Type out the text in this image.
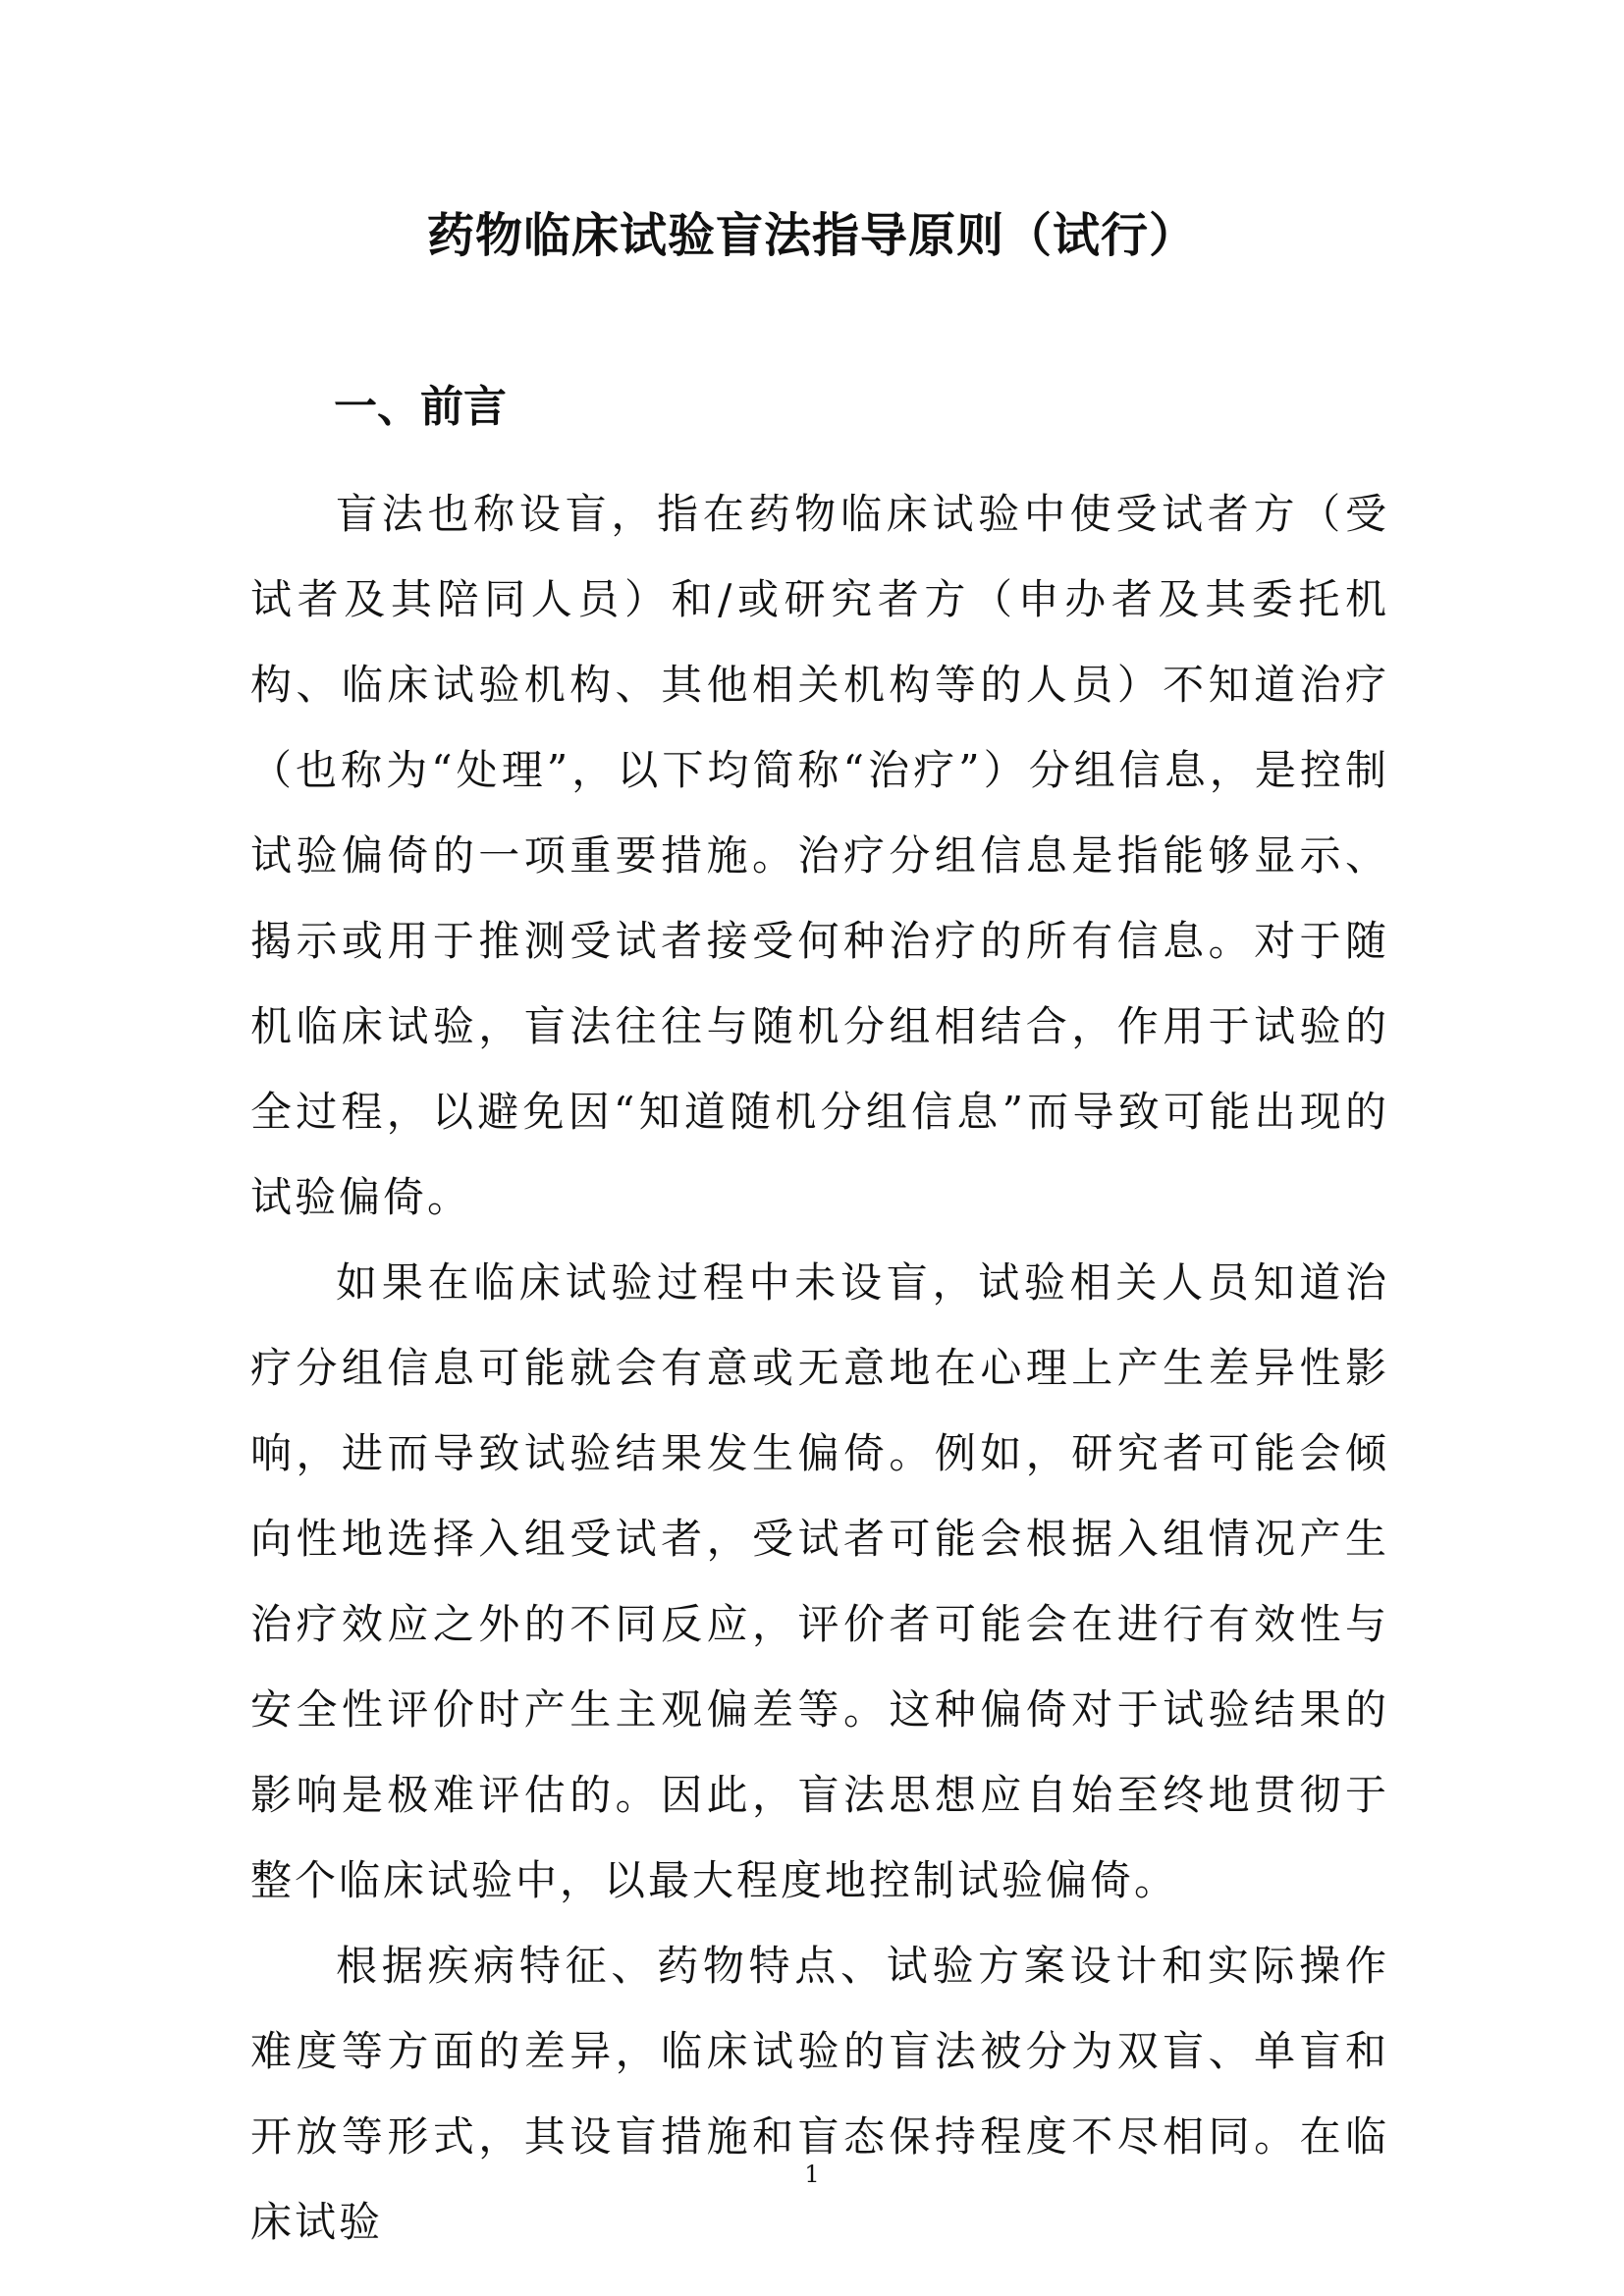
药物临床试验盲法指导原则（试行）
一、前言

盲法也称设盲，指在药物临床试验中使受试者方（受试者及其陪同人员）和/或研究者方（申办者及其委托机构、临床试验机构、其他相关机构等的人员）不知道治疗（也称为“处理”，以下均简称“治疗”）分组信息，是控制试验偏倚的一项重要措施。治疗分组信息是指能够显示、揭示或用于推测受试者接受何种治疗的所有信息。对于随机临床试验，盲法往往与随机分组相结合，作用于试验的全过程，以避免因“知道随机分组信息”而导致可能出现的试验偏倚。

如果在临床试验过程中未设盲，试验相关人员知道治疗分组信息可能就会有意或无意地在心理上产生差异性影响，进而导致试验结果发生偏倚。例如，研究者可能会倾向性地选择入组受试者，受试者可能会根据入组情况产生治疗效应之外的不同反应，评价者可能会在进行有效性与安全性评价时产生主观偏差等。这种偏倚对于试验结果的影响是极难评估的。因此，盲法思想应自始至终地贯彻于整个临床试验中，以最大程度地控制试验偏倚。

根据疾病特征、药物特点、试验方案设计和实际操作难度等方面的差异，临床试验的盲法被分为双盲、单盲和开放等形式，其设盲措施和盲态保持程度不尽相同。在临床试验

1
